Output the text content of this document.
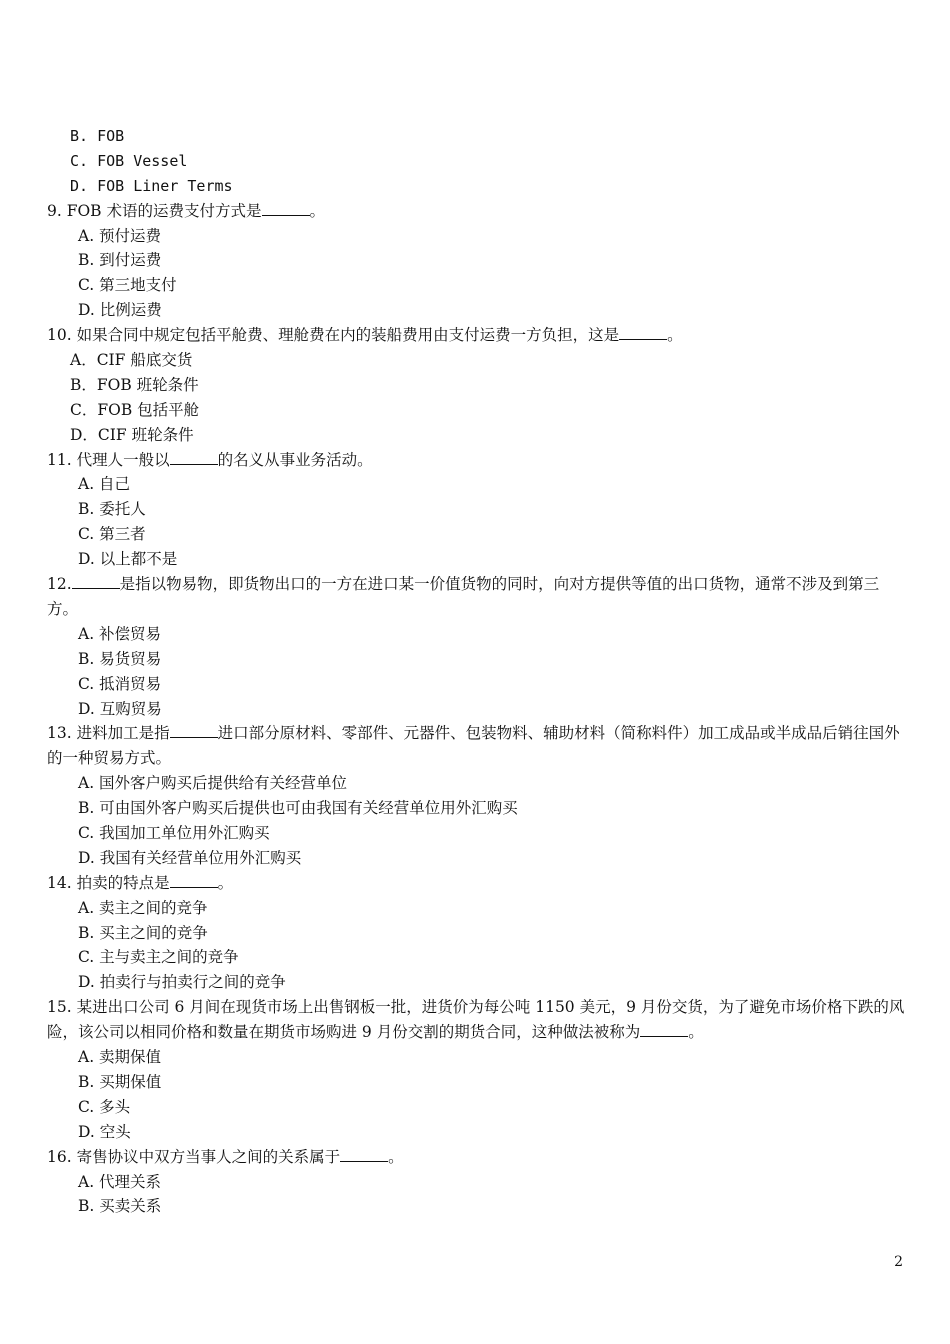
B. FOB
C. FOB Vessel
D. FOB Liner Terms
9. FOB 术语的运费支付方式是	。
A. 预付运费
B. 到付运费
C. 第三地支付
D. 比例运费
10. 如果合同中规定包括平舱费、理舱费在内的装船费用由支付运费一方负担，这是	。
A．CIF 船底交货
B．FOB 班轮条件
C．FOB 包括平舱
D．CIF 班轮条件
11. 代理人一般以	的名义从事业务活动。
A. 自己
B. 委托人
C. 第三者
D. 以上都不是
12.	是指以物易物，即货物出口的一方在进口某一价值货物的同时，向对方提供等值的出口货物，通常不涉及到第三方。
A. 补偿贸易
B. 易货贸易
C. 抵消贸易
D. 互购贸易
13. 进料加工是指	进口部分原材料、零部件、元器件、包装物料、辅助材料（简称料件）加工成品或半成品后销往国外的一种贸易方式。
A. 国外客户购买后提供给有关经营单位
B. 可由国外客户购买后提供也可由我国有关经营单位用外汇购买
C. 我国加工单位用外汇购买
D. 我国有关经营单位用外汇购买
14. 拍卖的特点是	。
A. 卖主之间的竞争
B. 买主之间的竞争
C. 主与卖主之间的竞争
D. 拍卖行与拍卖行之间的竞争
15. 某进出口公司 6 月间在现货市场上出售钢板一批，进货价为每公吨 1150 美元，9 月份交货，为了避免市场价格下跌的风险，该公司以相同价格和数量在期货市场购进 9 月份交割的期货合同，这种做法被称为	。
A. 卖期保值
B. 买期保值
C. 多头
D. 空头
16. 寄售协议中双方当事人之间的关系属于	。
A. 代理关系
B. 买卖关系
2
